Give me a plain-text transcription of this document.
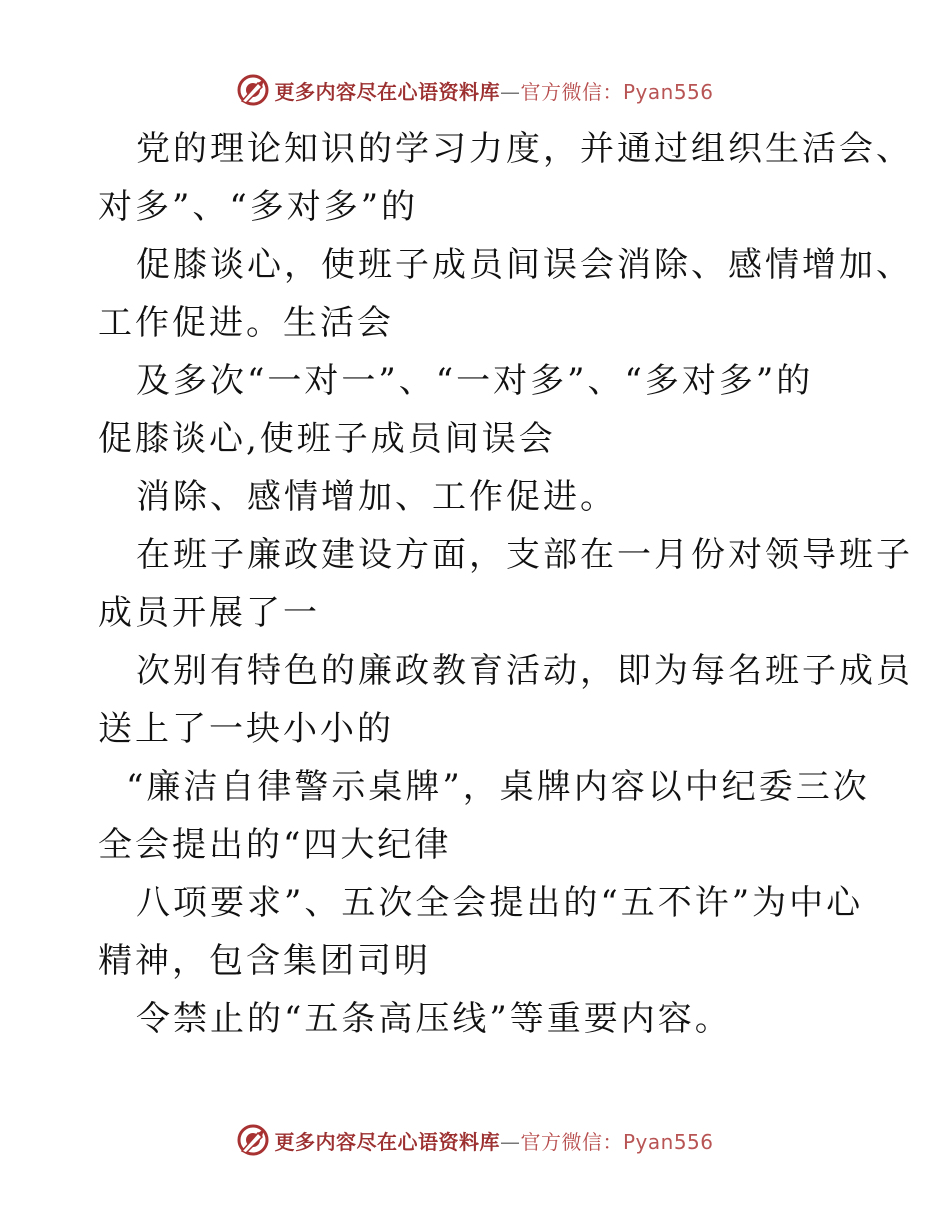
更多内容尽在心语资料库—官方微信：Pyan556
党的理论知识的学习力度，并通过组织生活会、
对多”、“多对多”的
促膝谈心，使班子成员间误会消除、感情增加、
工作促进。生活会
及多次“一对一”、“一对多”、“多对多”的
促膝谈心,使班子成员间误会
消除、感情增加、工作促进。
在班子廉政建设方面，支部在一月份对领导班子
成员开展了一
次别有特色的廉政教育活动，即为每名班子成员
送上了一块小小的
“廉洁自律警示桌牌”，桌牌内容以中纪委三次
全会提出的“四大纪律
八项要求”、五次全会提出的“五不许”为中心
精神，包含集团司明
令禁止的“五条高压线”等重要内容。
更多内容尽在心语资料库—官方微信：Pyan556
